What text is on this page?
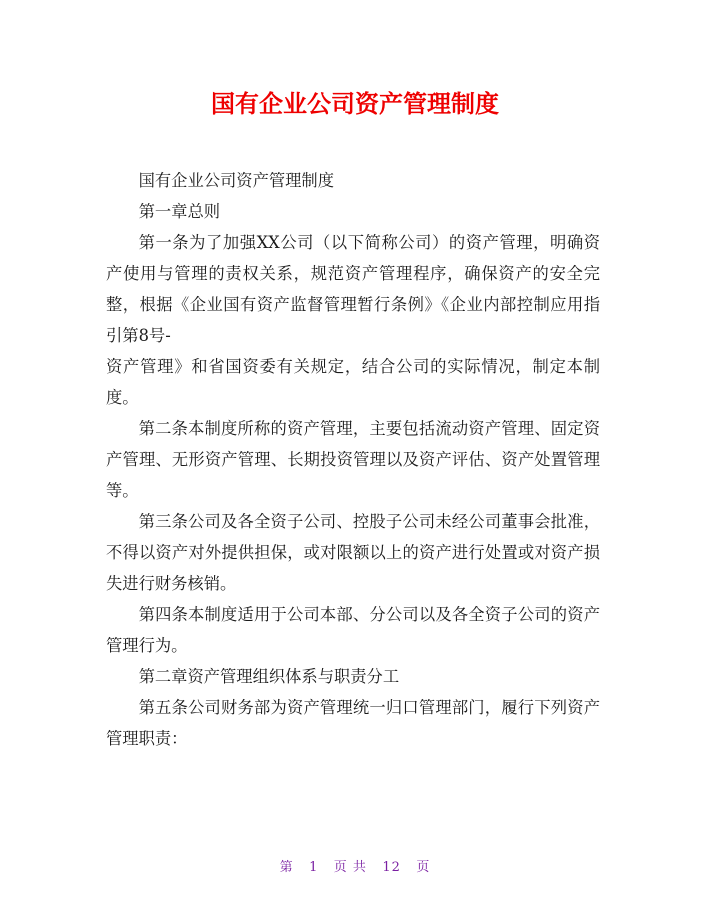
国有企业公司资产管理制度

国有企业公司资产管理制度

第一章总则

第一条为了加强XX公司（以下简称公司）的资产管理，明确资产使用与管理的责权关系，规范资产管理程序，确保资产的安全完整，根据《企业国有资产监督管理暂行条例》《企业内部控制应用指引第8号-

资产管理》和省国资委有关规定，结合公司的实际情况，制定本制度。

第二条本制度所称的资产管理，主要包括流动资产管理、固定资产管理、无形资产管理、长期投资管理以及资产评估、资产处置管理等。

第三条公司及各全资子公司、控股子公司未经公司董事会批准，不得以资产对外提供担保，或对限额以上的资产进行处置或对资产损失进行财务核销。

第四条本制度适用于公司本部、分公司以及各全资子公司的资产管理行为。

第二章资产管理组织体系与职责分工

第五条公司财务部为资产管理统一归口管理部门，履行下列资产管理职责：

第 1 页 共 12 页
